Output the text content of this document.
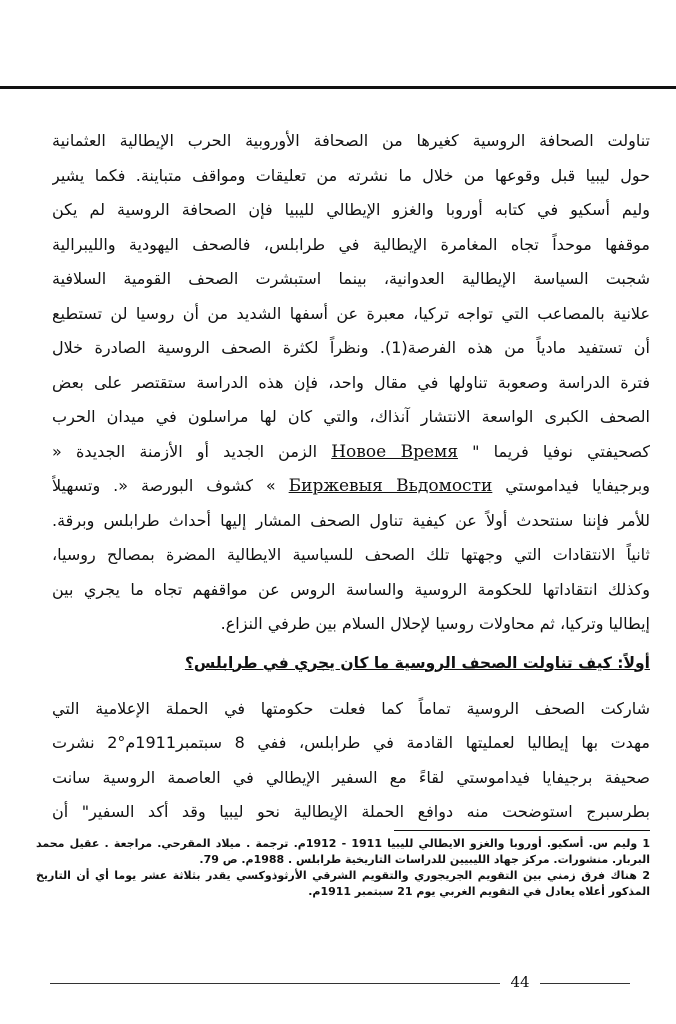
تناولت الصحافة الروسية كغيرها من الصحافة الأوروبية الحرب الإيطالية العثمانية
حول ليبيا قبل وقوعها من خلال ما نشرته من تعليقات ومواقف متباينة. فكما يشير
وليم أسكيو في كتابه أوروبا والغزو الإيطالي لليبيا فإن الصحافة الروسية لم يكن
موقفها موحداً تجاه المغامرة الإيطالية في طرابلس، فالصحف اليهودية والليبرالية
شجبت السياسة الإيطالية العدوانية، بينما استبشرت الصحف القومية السلافية
علانية بالمصاعب التي تواجه تركيا، معبرة عن أسفها الشديد من أن روسيا لن تستطيع
أن تستفيد مادياً من هذه الفرصة(1). ونظراً لكثرة الصحف الروسية الصادرة خلال
فترة الدراسة وصعوبة تناولها في مقال واحد، فإن هذه الدراسة ستقتصر على بعض
الصحف الكبرى الواسعة الانتشار آنذاك، والتي كان لها مراسلون في ميدان الحرب
كصحيفتي نوفيا فريما " Новое Время الزمن الجديد أو الأزمنة الجديدة «
وبرجيفايا فيداموستي Биржевыя Вьдомости » كشوف البورصة «. وتسهيلاً
للأمر فإننا سنتحدث أولاً عن كيفية تناول الصحف المشار إليها أحداث طرابلس وبرقة.
ثانياً الانتقادات التي وجهتها تلك الصحف للسياسية الايطالية المضرة بمصالح روسيا،
وكذلك انتقاداتها للحكومة الروسية والساسة الروس عن مواقفهم تجاه ما يجري بين
إيطاليا وتركيا، ثم محاولات روسيا لإحلال السلام بين طرفي النزاع.
أولاً: كيف تناولت الصحف الروسية ما كان يجري في طرابلس؟
شاركت الصحف الروسية تماماً كما فعلت حكومتها في الحملة الإعلامية التي
مهدت بها إيطاليا لعمليتها القادمة في طرابلس، ففي 8 سبتمبر1911م°2 نشرت
صحيفة برجيفايا فيداموستي لقاءً مع السفير الإيطالي في العاصمة الروسية سانت
بطرسبرج استوضحت منه دوافع الحملة الإيطالية نحو ليبيا وقد أكد السفير" أن
1 وليم س. أسكيو. أوروبا والغزو الايطالي لليبيا 1911 - 1912م. ترجمة . ميلاد المقرحي. مراجعة . عقيل محمد البربار. منشورات. مركز جهاد الليبيين للدراسات التاريخية طرابلس . 1988م. ص 79.
2 هناك فرق زمني بين التقويم الجريجوري والتقويم الشرقي الأرثوذوكسي يقدر بثلاثة عشر يوما أي أن التاريخ المذكور أعلاه يعادل في التقويم الغربي يوم 21 سبتمبر 1911م.
44
